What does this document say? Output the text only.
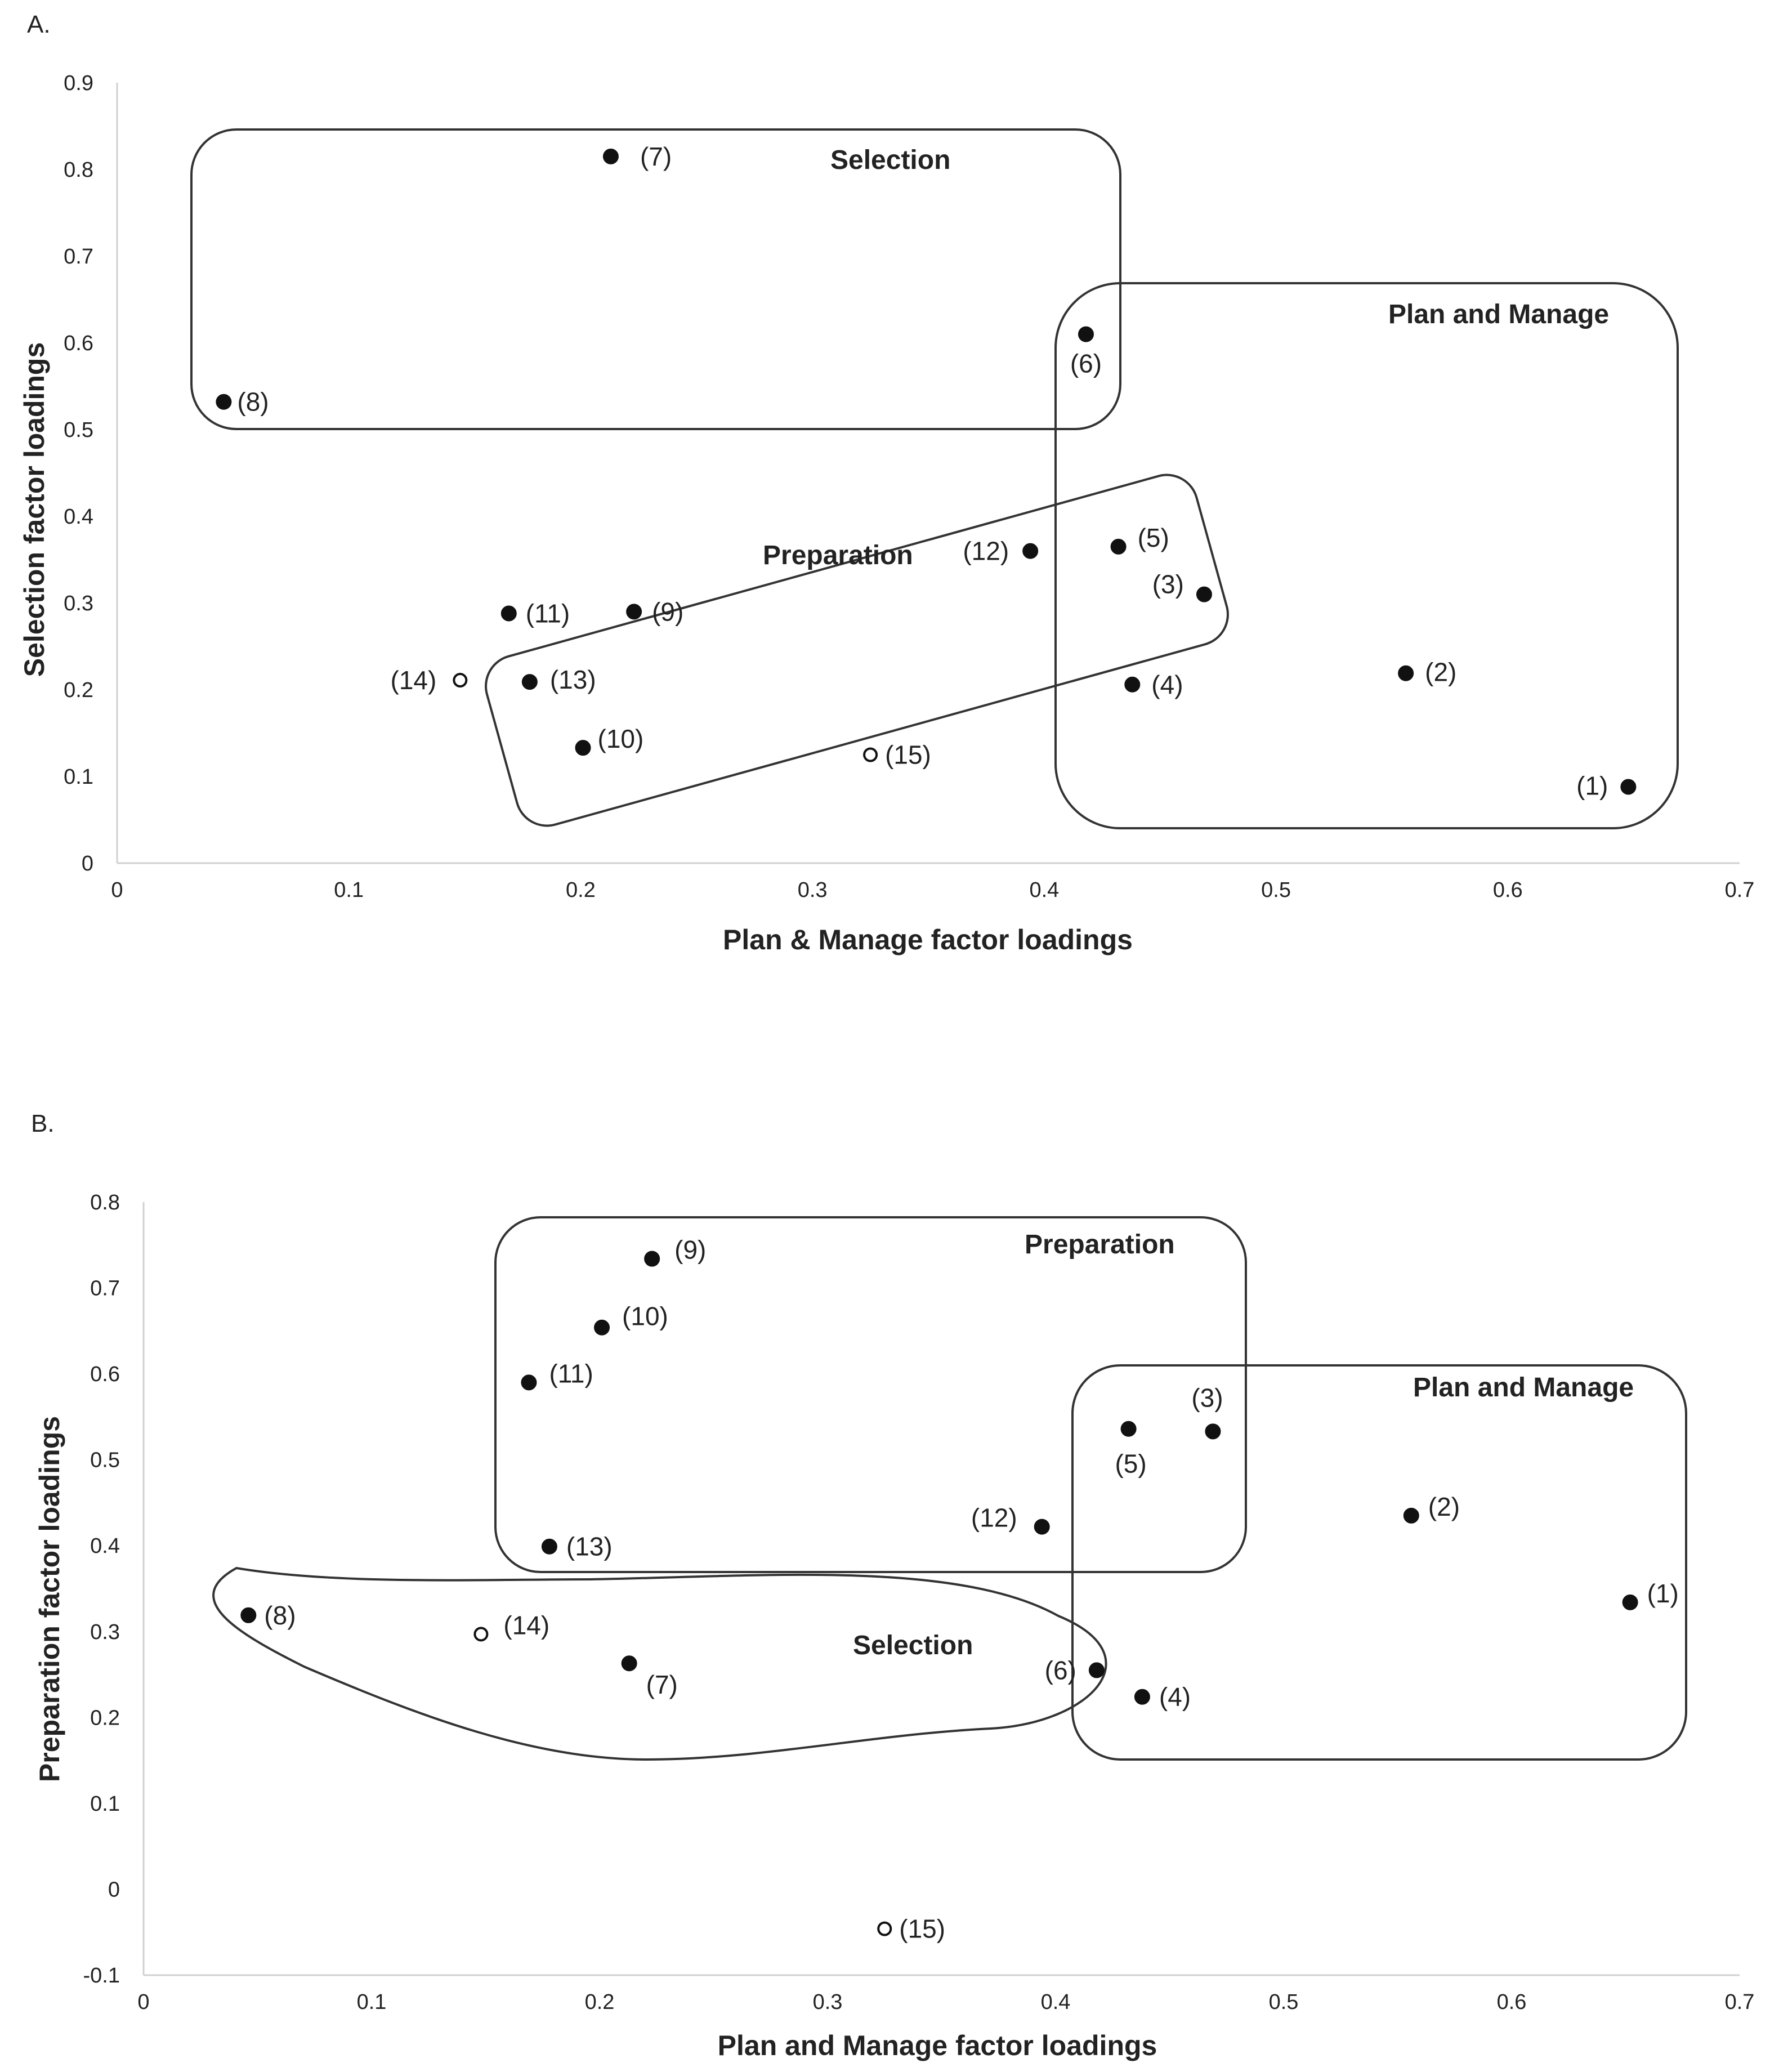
A.
0	0.1	0.2	0.3	0.4	0.5	0.6	0.7
0
0.1
0.2
0.3
0.4
0.5
0.6
0.7
0.8
0.9
Selection
Plan and Manage
Preparation
(1)
(2)
(3)
(4)
(5)
(6)
(7)
(8)
(9)
(10)
(11)
(12)
(13)
(14)
(15)
Plan & Manage factor loadings
Selection factor loadings
B.
0	0.1	0.2	0.3	0.4	0.5	0.6	0.7
-0.1
0
0.1
0.2
0.3
0.4
0.5
0.6
0.7
0.8
Preparation
Plan and Manage
Selection
(1)
(2)
(3)
(4)
(5)
(6)
(7)
(8)
(9)
(10)
(11)
(12)
(13)
(14)
(15)
Plan and Manage factor loadings
Preparation factor loadings
